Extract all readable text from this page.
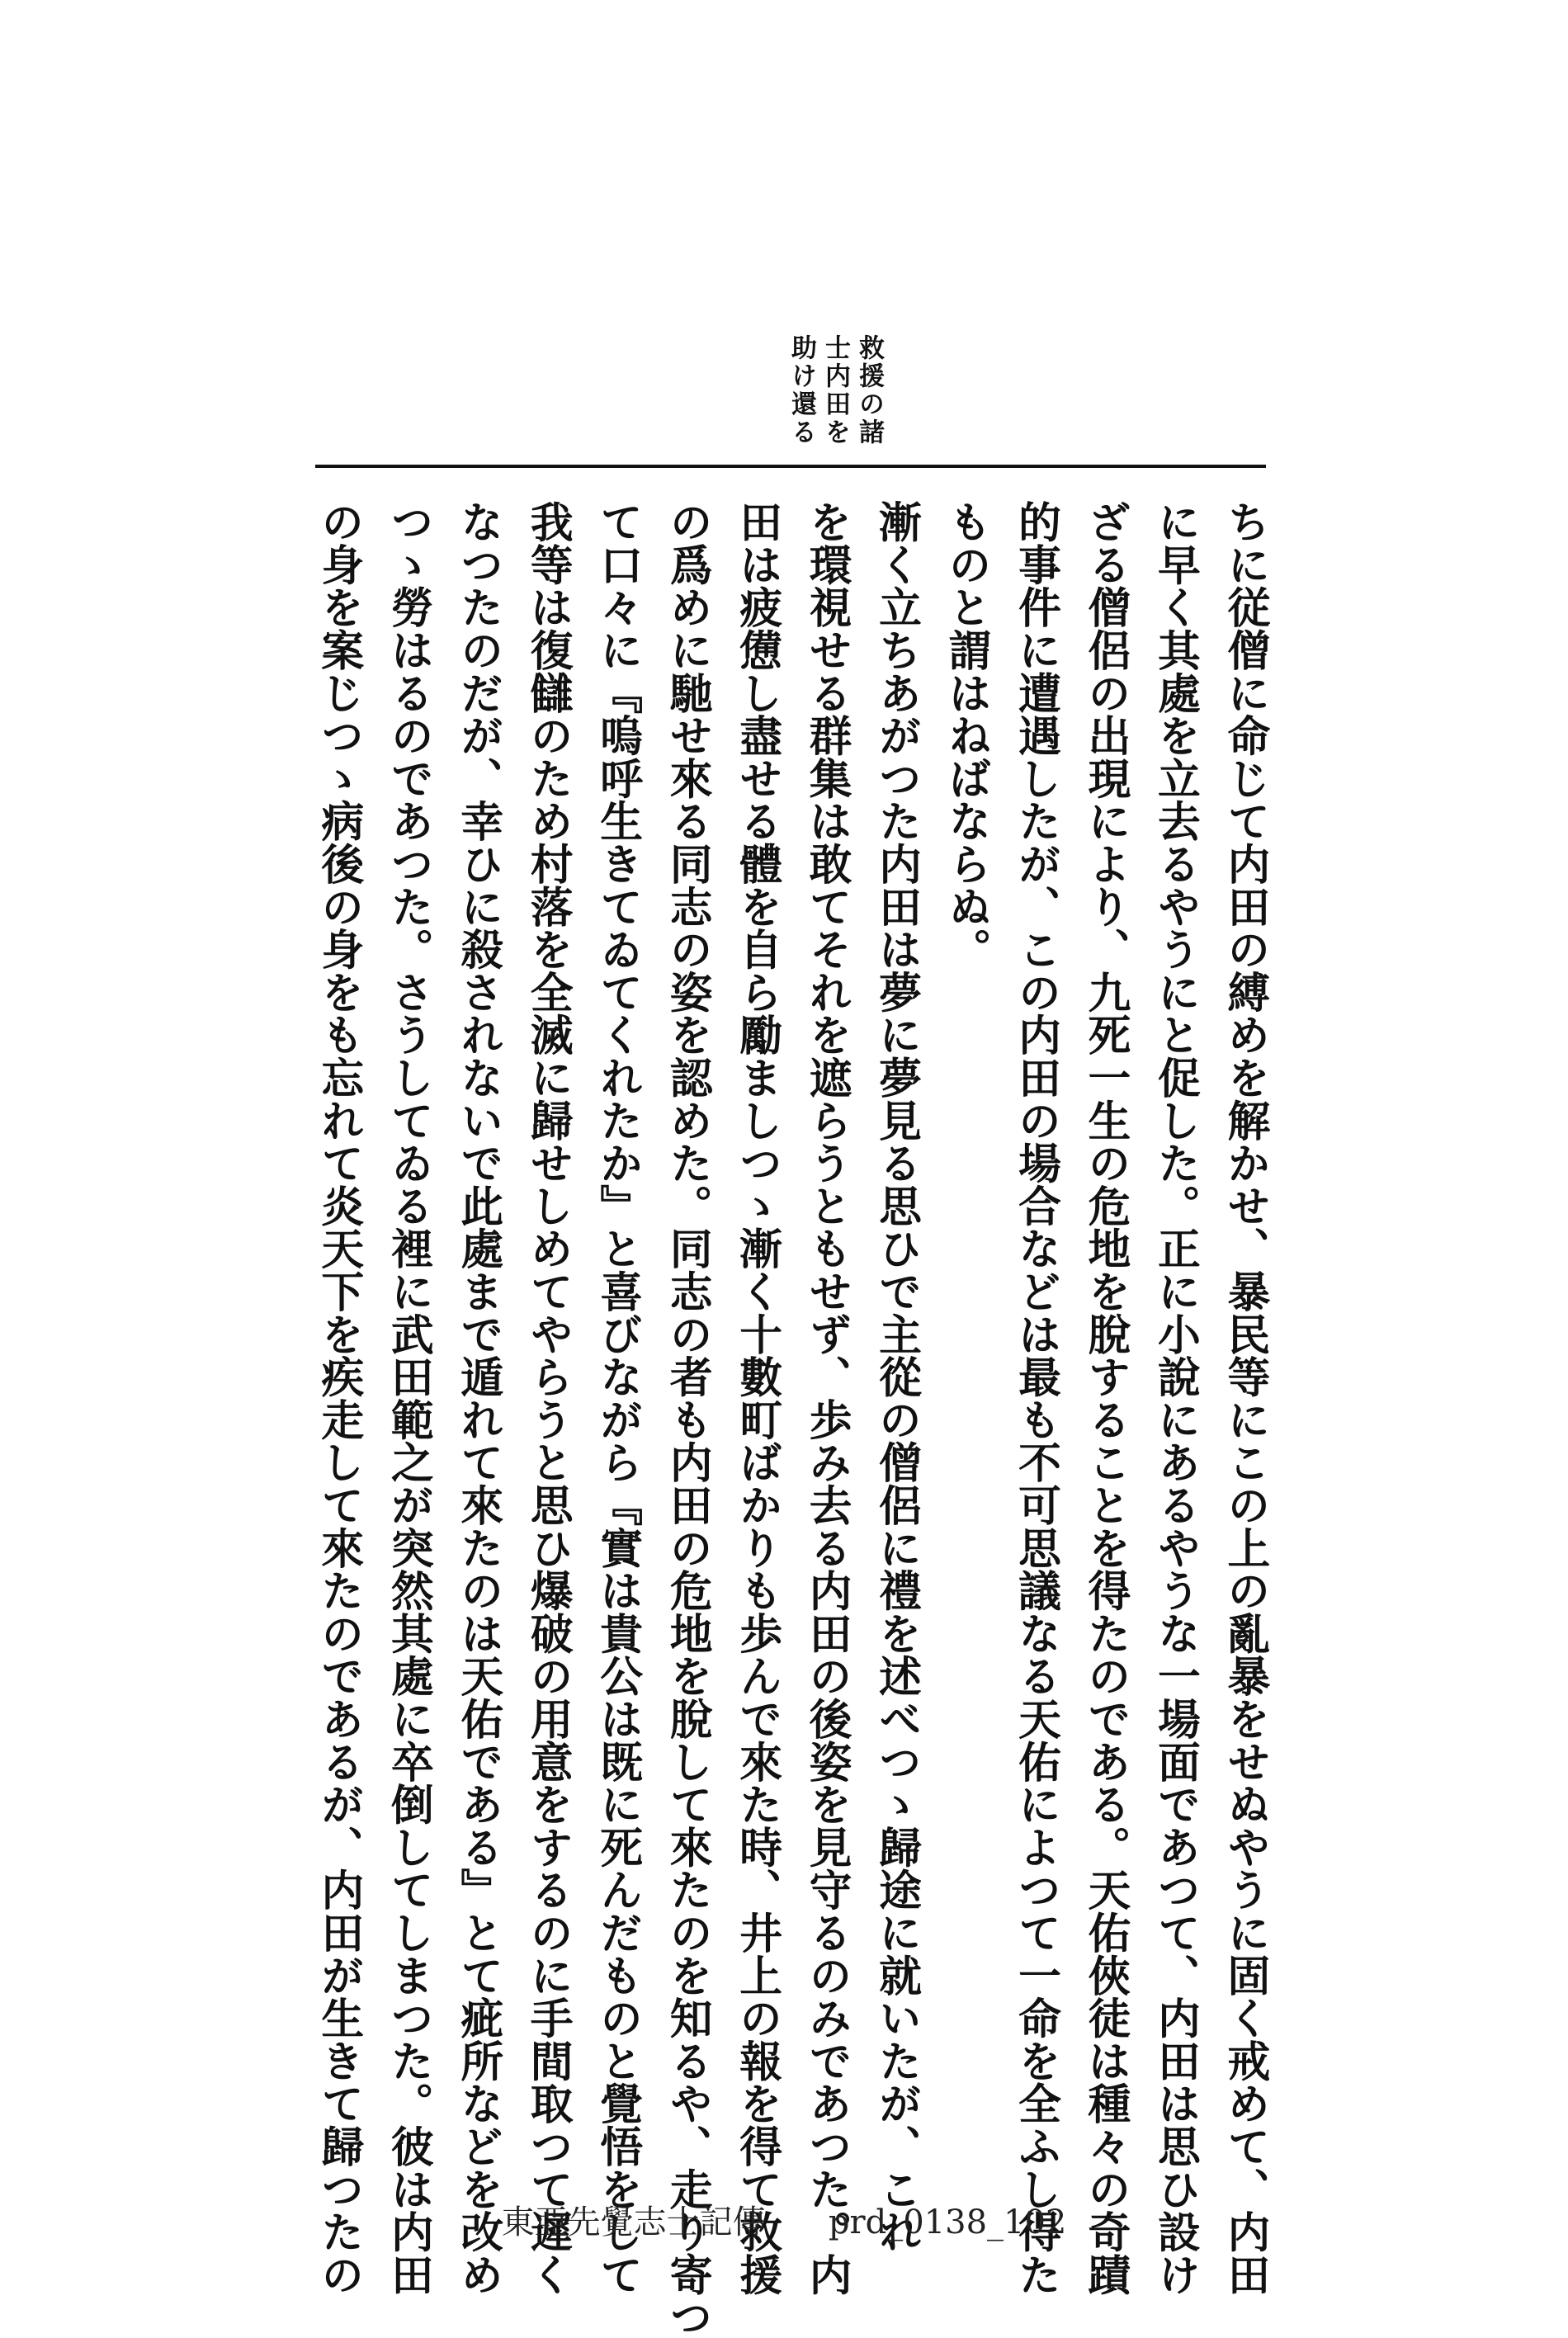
救援の諸
士内田を
助け還る
ちに従僧に命じて内田の縛めを解かせ、暴民等にこの上の亂暴をせぬやうに固く戒めて、内田
に早く其處を立去るやうにと促した。正に小說にあるやうな一場面であつて、内田は思ひ設け
ざる僧侶の出現により、九死一生の危地を脫することを得たのである。天佑俠徒は種々の奇蹟
的事件に遭遇したが、この内田の場合などは最も不可思議なる天佑によつて一命を全ふし得た
ものと謂はねばならぬ。
漸く立ちあがつた内田は夢に夢見る思ひで主從の僧侶に禮を述べつゝ歸途に就いたが、これ
を環視せる群集は敢てそれを遮らうともせず、歩み去る内田の後姿を見守るのみであつた。内
田は疲憊し盡せる體を自ら勵ましつゝ漸く十數町ばかりも歩んで來た時、井上の報を得て救援
の爲めに馳せ來る同志の姿を認めた。同志の者も内田の危地を脫して來たのを知るや、走り寄つ
て口々に『嗚呼生きてゐてくれたか』と喜びながら『實は貴公は既に死んだものと覺悟をして
我等は復讎のため村落を全滅に歸せしめてやらうと思ひ爆破の用意をするのに手間取つて遲く
なつたのだが、幸ひに殺されないで此處まで遁れて來たのは天佑である』とて疵所などを改め
つゝ勞はるのであつた。さうしてゐる裡に武田範之が突然其處に卒倒してしまつた。彼は内田
の身を案じつゝ病後の身をも忘れて炎天下を疾走して來たのであるが、内田が生きて歸つたの	東亞先覺志士記傳 prd_0138_102
